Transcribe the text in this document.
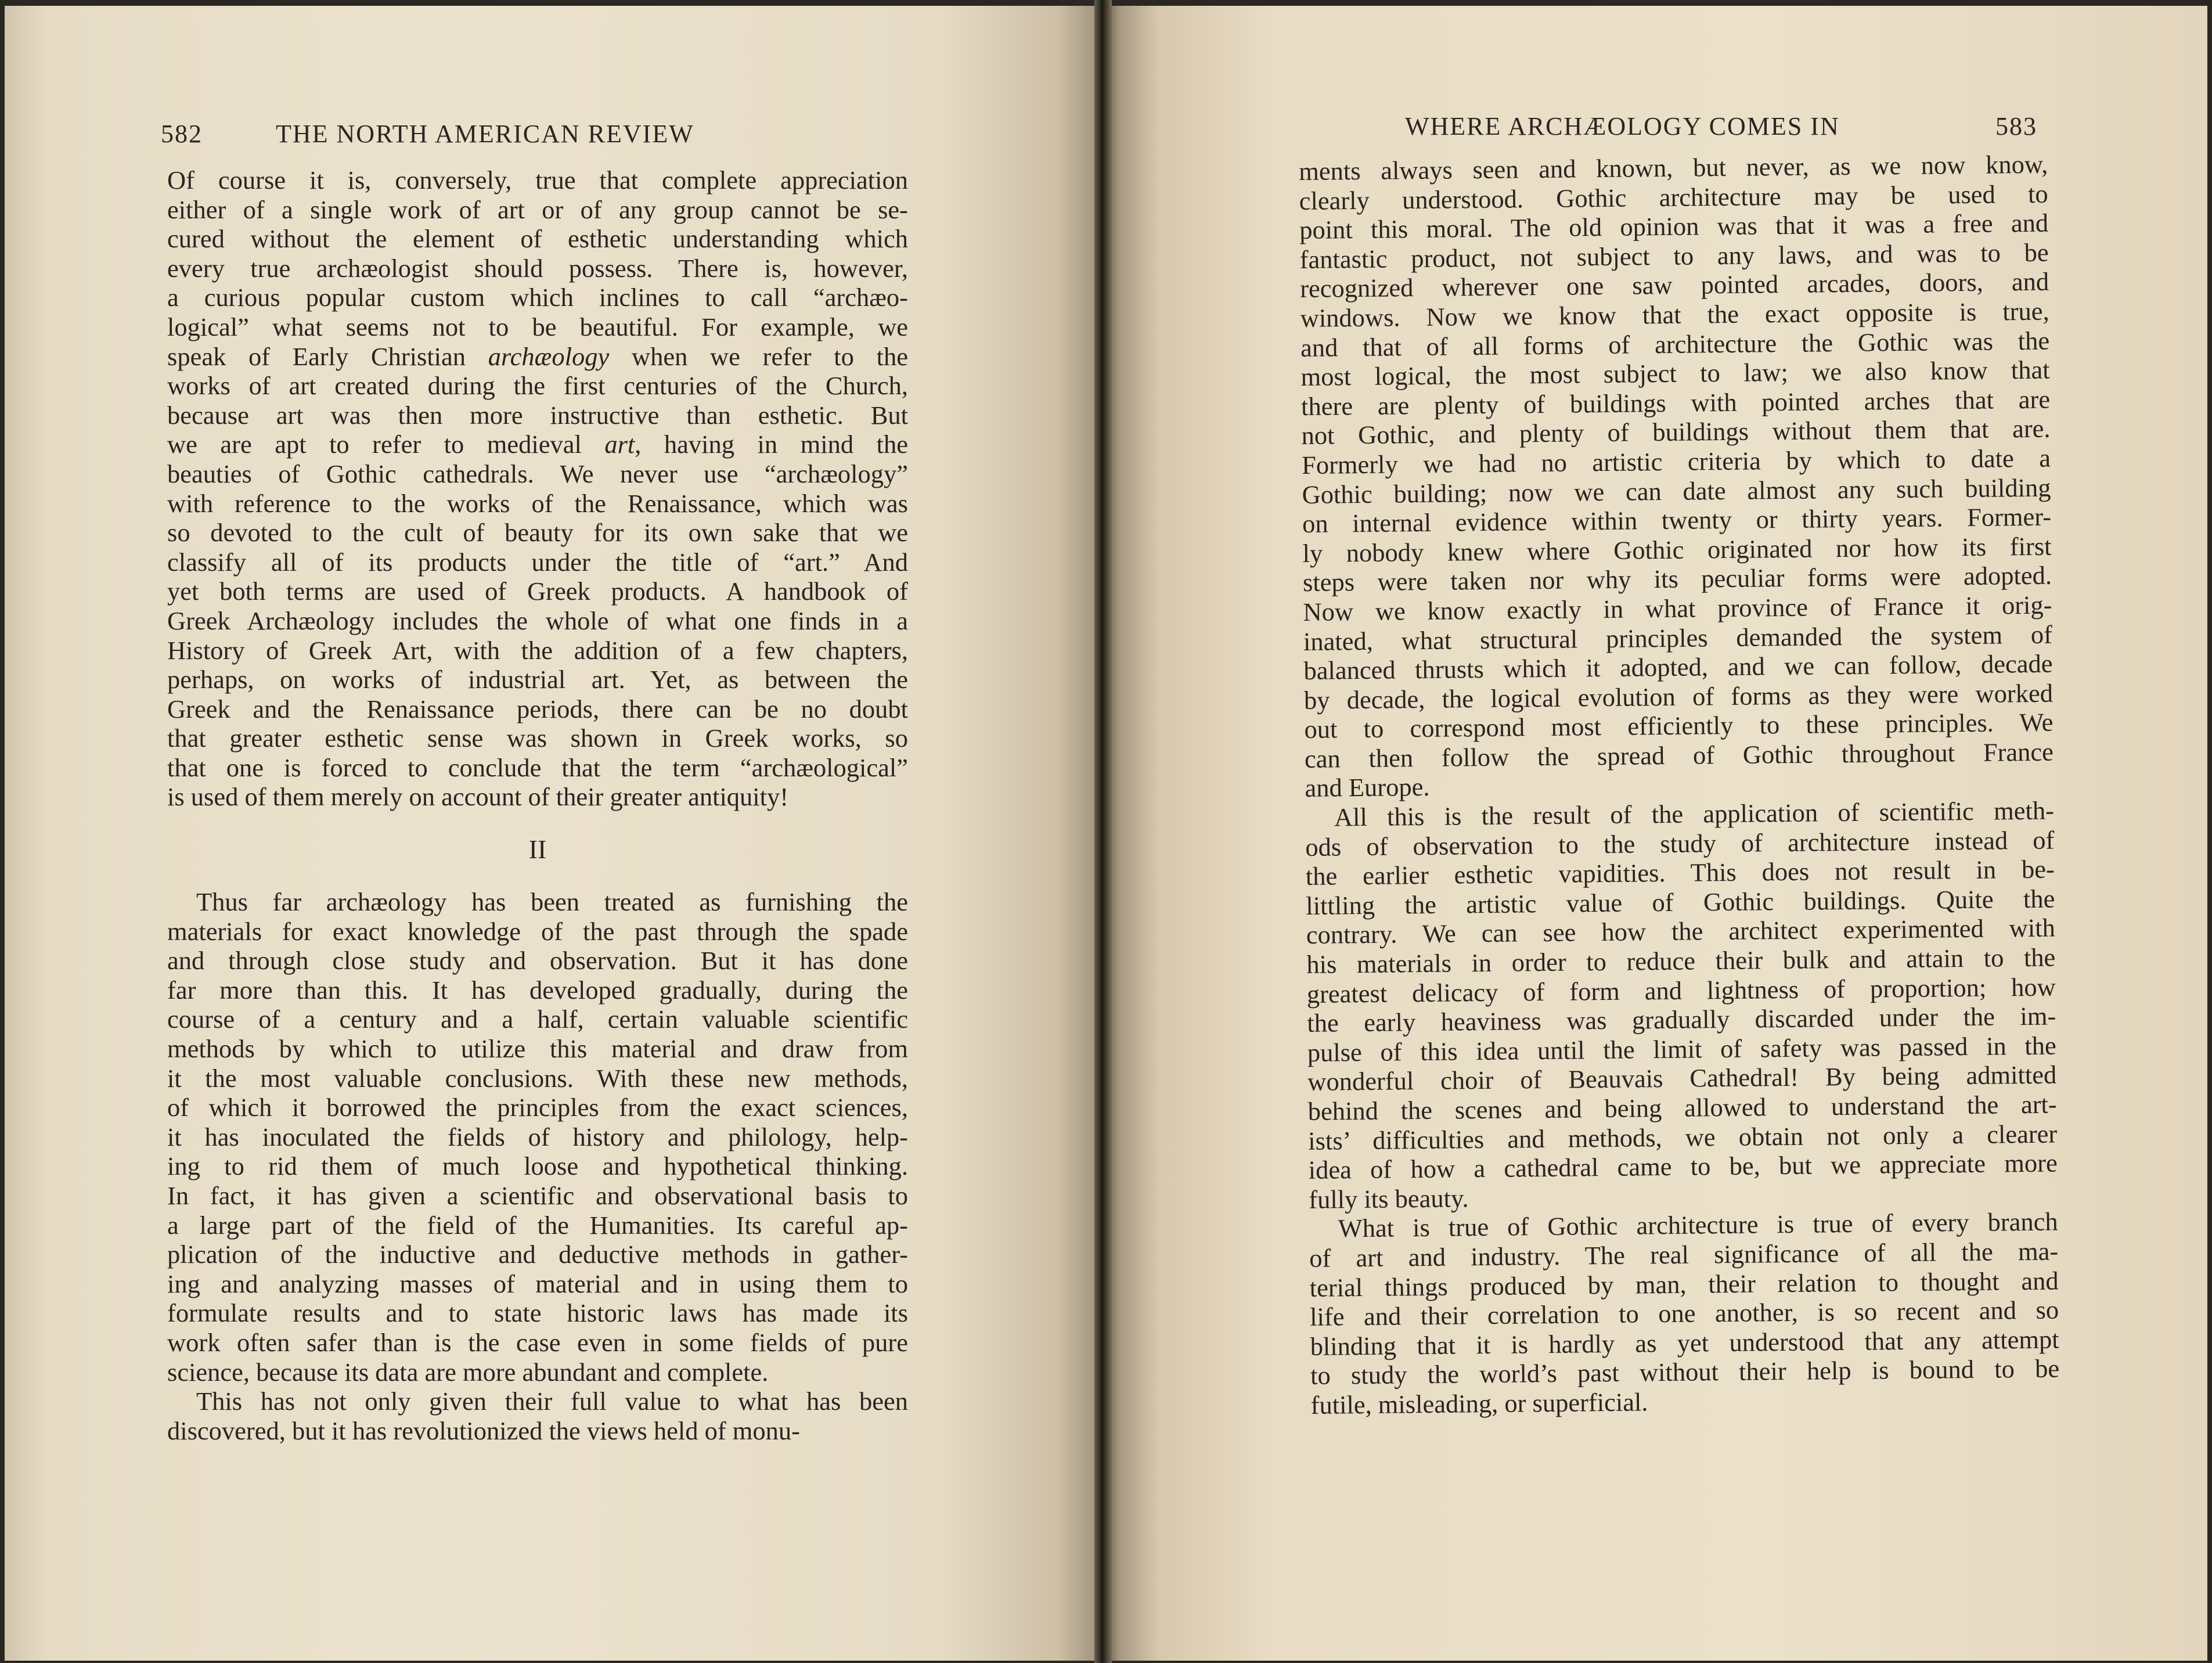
582	THE NORTH AMERICAN REVIEW	WHERE ARCHÆOLOGY COMES IN	583
Of course it is, conversely, true that complete appreciation
either of a single work of art or of any group cannot be se-
cured without the element of esthetic understanding which
every true archæologist should possess. There is, however,
a curious popular custom which inclines to call “archæo-
logical” what seems not to be beautiful. For example, we
speak of Early Christian archæology when we refer to the
works of art created during the first centuries of the Church,
because art was then more instructive than esthetic. But
we are apt to refer to medieval art, having in mind the
beauties of Gothic cathedrals. We never use “archæology”
with reference to the works of the Renaissance, which was
so devoted to the cult of beauty for its own sake that we
classify all of its products under the title of “art.” And
yet both terms are used of Greek products. A handbook of
Greek Archæology includes the whole of what one finds in a
History of Greek Art, with the addition of a few chapters,
perhaps, on works of industrial art. Yet, as between the
Greek and the Renaissance periods, there can be no doubt
that greater esthetic sense was shown in Greek works, so
that one is forced to conclude that the term “archæological”
is used of them merely on account of their greater antiquity!
II
Thus far archæology has been treated as furnishing the
materials for exact knowledge of the past through the spade
and through close study and observation. But it has done
far more than this. It has developed gradually, during the
course of a century and a half, certain valuable scientific
methods by which to utilize this material and draw from
it the most valuable conclusions. With these new methods,
of which it borrowed the principles from the exact sciences,
it has inoculated the fields of history and philology, help-
ing to rid them of much loose and hypothetical thinking.
In fact, it has given a scientific and observational basis to
a large part of the field of the Humanities. Its careful ap-
plication of the inductive and deductive methods in gather-
ing and analyzing masses of material and in using them to
formulate results and to state historic laws has made its
work often safer than is the case even in some fields of pure
science, because its data are more abundant and complete.
This has not only given their full value to what has been
discovered, but it has revolutionized the views held of monu-
ments always seen and known, but never, as we now know,
clearly understood. Gothic architecture may be used to
point this moral. The old opinion was that it was a free and
fantastic product, not subject to any laws, and was to be
recognized wherever one saw pointed arcades, doors, and
windows. Now we know that the exact opposite is true,
and that of all forms of architecture the Gothic was the
most logical, the most subject to law; we also know that
there are plenty of buildings with pointed arches that are
not Gothic, and plenty of buildings without them that are.
Formerly we had no artistic criteria by which to date a
Gothic building; now we can date almost any such building
on internal evidence within twenty or thirty years. Former-
ly nobody knew where Gothic originated nor how its first
steps were taken nor why its peculiar forms were adopted.
Now we know exactly in what province of France it orig-
inated, what structural principles demanded the system of
balanced thrusts which it adopted, and we can follow, decade
by decade, the logical evolution of forms as they were worked
out to correspond most efficiently to these principles. We
can then follow the spread of Gothic throughout France
and Europe.
All this is the result of the application of scientific meth-
ods of observation to the study of architecture instead of
the earlier esthetic vapidities. This does not result in be-
littling the artistic value of Gothic buildings. Quite the
contrary. We can see how the architect experimented with
his materials in order to reduce their bulk and attain to the
greatest delicacy of form and lightness of proportion; how
the early heaviness was gradually discarded under the im-
pulse of this idea until the limit of safety was passed in the
wonderful choir of Beauvais Cathedral! By being admitted
behind the scenes and being allowed to understand the art-
ists’ difficulties and methods, we obtain not only a clearer
idea of how a cathedral came to be, but we appreciate more
fully its beauty.
What is true of Gothic architecture is true of every branch
of art and industry. The real significance of all the ma-
terial things produced by man, their relation to thought and
life and their correlation to one another, is so recent and so
blinding that it is hardly as yet understood that any attempt
to study the world’s past without their help is bound to be
futile, misleading, or superficial.
